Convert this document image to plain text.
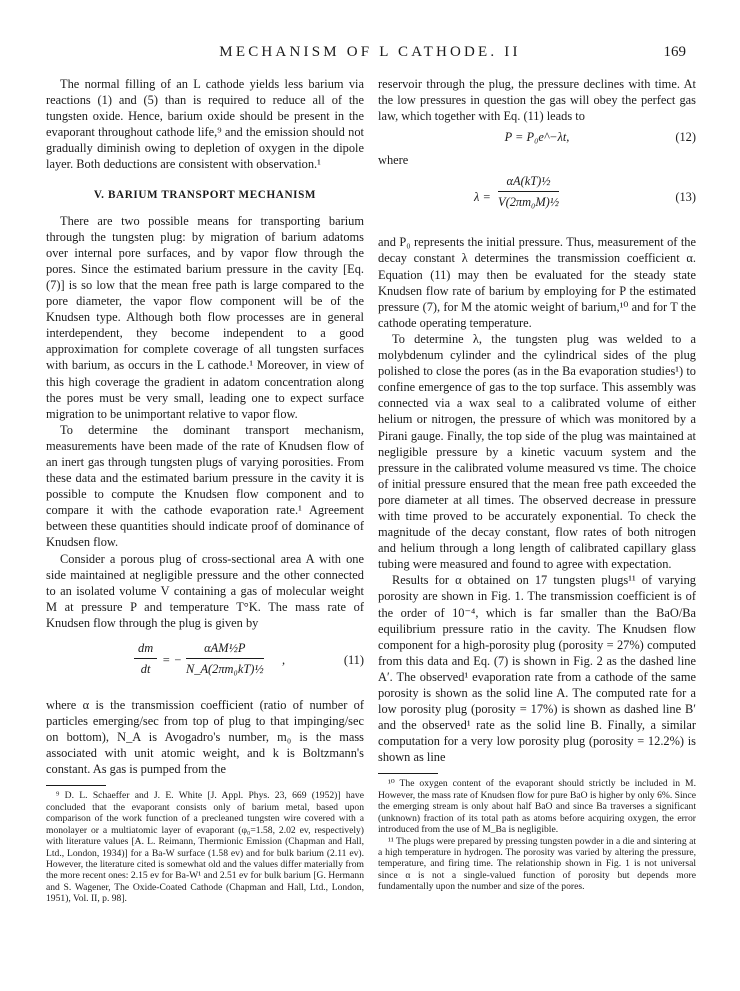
MECHANISM OF L CATHODE. II	169

The normal filling of an L cathode yields less barium via reactions (1) and (5) than is required to reduce all of the tungsten oxide. Hence, barium oxide should be present in the evaporant throughout cathode life,⁹ and the emission should not gradually diminish owing to depletion of oxygen in the dipole layer. Both deductions are consistent with observation.¹

V. BARIUM TRANSPORT MECHANISM

There are two possible means for transporting barium through the tungsten plug: by migration of barium adatoms over internal pore surfaces, and by vapor flow through the pores. Since the estimated barium pressure in the cavity [Eq. (7)] is so low that the mean free path is large compared to the pore diameter, the vapor flow component will be of the Knudsen type. Although both flow processes are in general interdependent, they become independent to a good approximation for complete coverage of all tungsten surfaces with barium, as occurs in the L cathode.¹ Moreover, in view of this high coverage the gradient in adatom concentration along the pores must be very small, leading one to expect surface migration to be unimportant relative to vapor flow.

To determine the dominant transport mechanism, measurements have been made of the rate of Knudsen flow of an inert gas through tungsten plugs of varying porosities. From these data and the estimated barium pressure in the cavity it is possible to compute the Knudsen flow component and to compare it with the cathode evaporation rate.¹ Agreement between these quantities should indicate proof of dominance of Knudsen flow.

Consider a porous plug of cross-sectional area A with one side maintained at negligible pressure and the other connected to an isolated volume V containing a gas of molecular weight M at pressure P and temperature T°K. The mass rate of Knudsen flow through the plug is given by

$\frac{dm}{dt}$ = −
αAM½P
N_A(2πm₀kT)½
,	(11)

where α is the transmission coefficient (ratio of number of particles emerging/sec from top of plug to that impinging/sec on bottom), N_A is Avogadro's number, m₀ is the mass associated with unit atomic weight, and k is Boltzmann's constant. As gas is pumped from the

⁹ D. L. Schaeffer and J. E. White [J. Appl. Phys. 23, 669 (1952)] have concluded that the evaporant consists only of barium metal, based upon comparison of the work function of a precleaned tungsten wire covered with a monolayer or a multiatomic layer of evaporant (φ₀=1.58, 2.02 ev, respectively) with literature values [A. L. Reimann, Thermionic Emission (Chapman and Hall, Ltd., London, 1934)] for a Ba-W surface (1.58 ev) and for bulk barium (2.11 ev). However, the literature cited is somewhat old and the values differ materially from the more recent ones: 2.15 ev for Ba-W¹ and 2.51 ev for bulk barium [G. Hermann and S. Wagener, The Oxide-Coated Cathode (Chapman and Hall, Ltd., London, 1951), Vol. II, p. 98].

reservoir through the plug, the pressure declines with time. At the low pressures in question the gas will obey the perfect gas law, which together with Eq. (11) leads to

P = P₀e^−λt,	(12)

where

$\lambda = \frac{\text{αA(kT)½}}{\text{V(2πm₀M)½}}$	(13)

and P₀ represents the initial pressure. Thus, measurement of the decay constant λ determines the transmission coefficient α. Equation (11) may then be evaluated for the steady state Knudsen flow rate of barium by employing for P the estimated pressure (7), for M the atomic weight of barium,¹⁰ and for T the cathode operating temperature.

To determine λ, the tungsten plug was welded to a molybdenum cylinder and the cylindrical sides of the plug polished to close the pores (as in the Ba evaporation studies¹) to confine emergence of gas to the top surface. This assembly was connected via a wax seal to a calibrated volume of either helium or nitrogen, the pressure of which was monitored by a Pirani gauge. Finally, the top side of the plug was maintained at negligible pressure by a kinetic vacuum system and the pressure in the calibrated volume measured vs time. The choice of initial pressure ensured that the mean free path exceeded the pore diameter at all times. The observed decrease in pressure with time proved to be accurately exponential. To check the magnitude of the decay constant, flow rates of both nitrogen and helium through a long length of calibrated capillary glass tubing were measured and found to agree with expectation.

Results for α obtained on 17 tungsten plugs¹¹ of varying porosity are shown in Fig. 1. The transmission coefficient is of the order of 10⁻⁴, which is far smaller than the BaO/Ba equilibrium pressure ratio in the cavity. The Knudsen flow component for a high-porosity plug (porosity = 27%) computed from this data and Eq. (7) is shown in Fig. 2 as the dashed line A′. The observed¹ evaporation rate from a cathode of the same porosity is shown as the solid line A. The computed rate for a low porosity plug (porosity = 17%) is shown as dashed line B′ and the observed¹ rate as the solid line B. Finally, a similar computation for a very low porosity plug (porosity = 12.2%) is shown as line

¹⁰ The oxygen content of the evaporant should strictly be included in M. However, the mass rate of Knudsen flow for pure BaO is higher by only 6%. Since the emerging stream is only about half BaO and since Ba traverses a significant (unknown) fraction of its total path as atoms before acquiring oxygen, the error introduced from the use of M_Ba is negligible.

¹¹ The plugs were prepared by pressing tungsten powder in a die and sintering at a high temperature in hydrogen. The porosity was varied by altering the pressure, temperature, and firing time. The relationship shown in Fig. 1 is not universal since α is not a single-valued function of porosity but depends more fundamentally upon the number and size of the pores.
